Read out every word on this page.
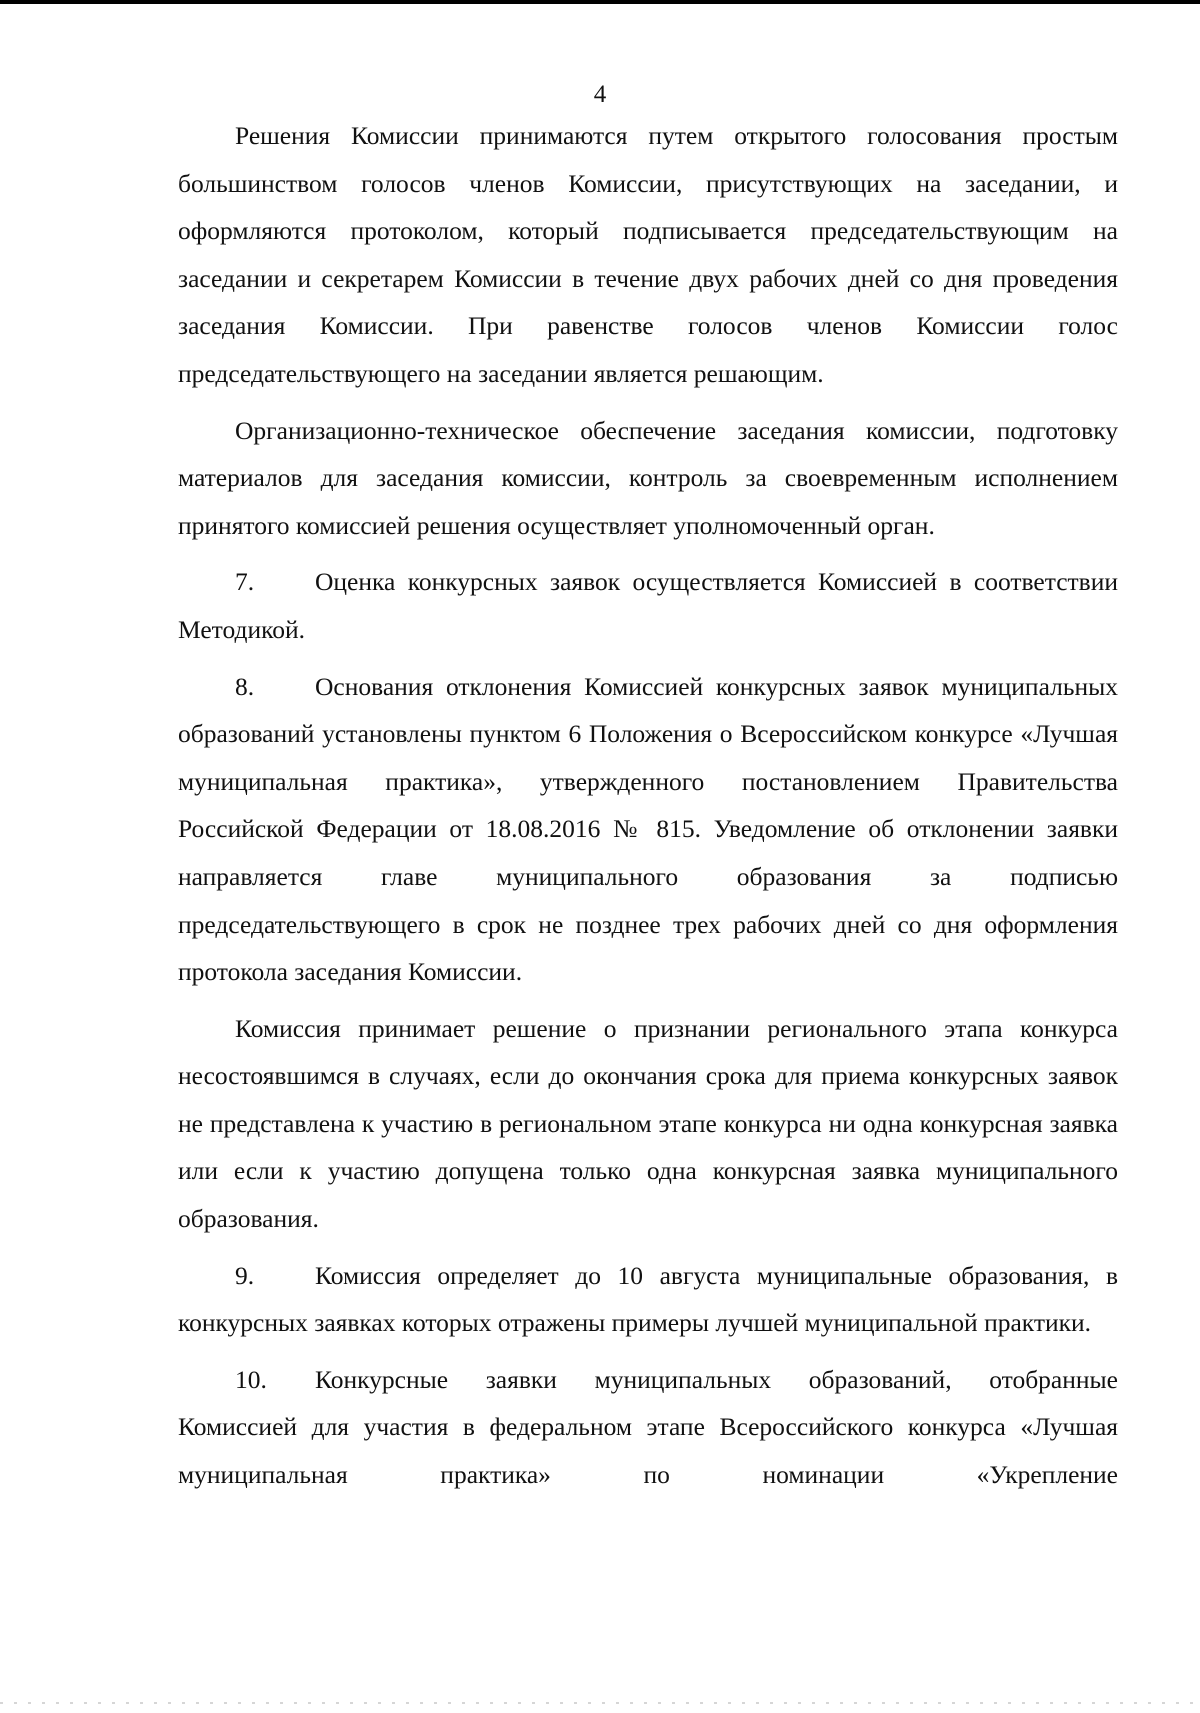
4

Решения Комиссии принимаются путем открытого голосования простым большинством голосов членов Комиссии, присутствующих на заседании, и оформляются протоколом, который подписывается председательствующим на заседании и секретарем Комиссии в течение двух рабочих дней со дня проведения заседания Комиссии. При равенстве голосов членов Комиссии голос председательствующего на заседании является решающим.

Организационно-техническое обеспечение заседания комиссии, подготовку материалов для заседания комиссии, контроль за своевременным исполнением принятого комиссией решения осуществляет уполномоченный орган.

7. Оценка конкурсных заявок осуществляется Комиссией в соответствии Методикой.

8. Основания отклонения Комиссией конкурсных заявок муниципальных образований установлены пунктом 6 Положения о Всероссийском конкурсе «Лучшая муниципальная практика», утвержденного постановлением Правительства Российской Федерации от 18.08.2016 № 815. Уведомление об отклонении заявки направляется главе муниципального образования за подписью председательствующего в срок не позднее трех рабочих дней со дня оформления протокола заседания Комиссии.

Комиссия принимает решение о признании регионального этапа конкурса несостоявшимся в случаях, если до окончания срока для приема конкурсных заявок не представлена к участию в региональном этапе конкурса ни одна конкурсная заявка или если к участию допущена только одна конкурсная заявка муниципального образования.

9. Комиссия определяет до 10 августа муниципальные образования, в конкурсных заявках которых отражены примеры лучшей муниципальной практики.

10. Конкурсные заявки муниципальных образований, отобранные Комиссией для участия в федеральном этапе Всероссийского конкурса «Лучшая муниципальная практика» по номинации «Укрепление
